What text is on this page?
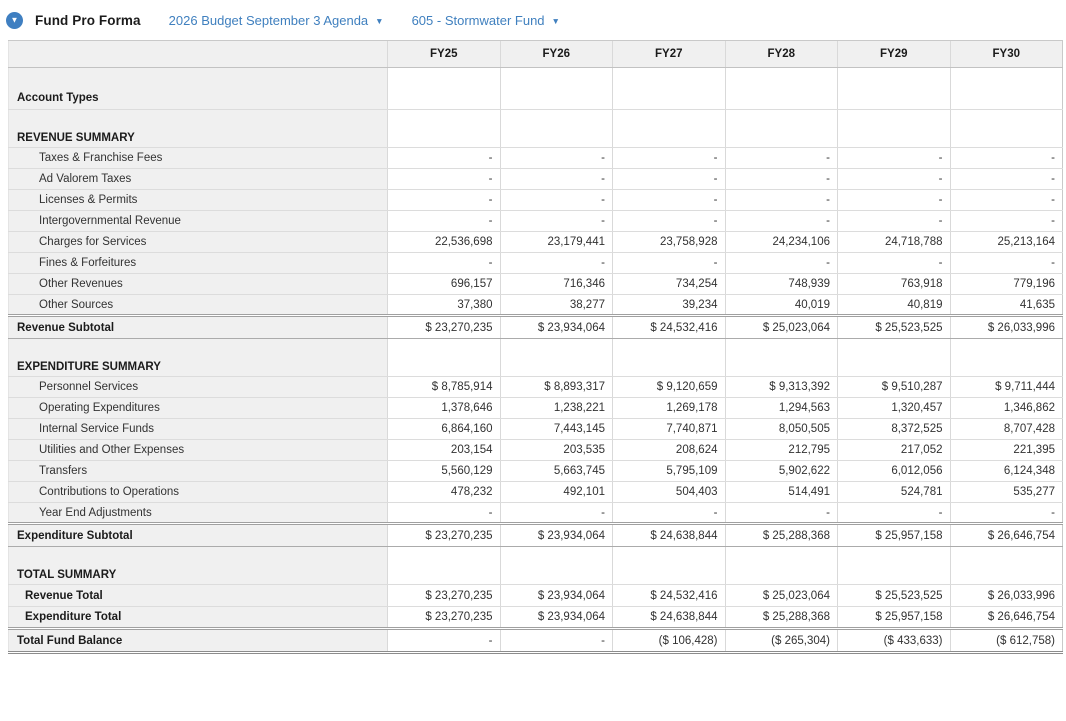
▼ Fund Pro Forma 2026 Budget September 3 Agenda ▼ 605 - Stormwater Fund ▼
	FY25	FY26	FY27	FY28	FY29	FY30
Account Types						
REVENUE SUMMARY						
Taxes & Franchise Fees	-	-	-	-	-	-
Ad Valorem Taxes	-	-	-	-	-	-
Licenses & Permits	-	-	-	-	-	-
Intergovernmental Revenue	-	-	-	-	-	-
Charges for Services	22,536,698	23,179,441	23,758,928	24,234,106	24,718,788	25,213,164
Fines & Forfeitures	-	-	-	-	-	-
Other Revenues	696,157	716,346	734,254	748,939	763,918	779,196
Other Sources	37,380	38,277	39,234	40,019	40,819	41,635
Revenue Subtotal	$ 23,270,235	$ 23,934,064	$ 24,532,416	$ 25,023,064	$ 25,523,525	$ 26,033,996
EXPENDITURE SUMMARY						
Personnel Services	$ 8,785,914	$ 8,893,317	$ 9,120,659	$ 9,313,392	$ 9,510,287	$ 9,711,444
Operating Expenditures	1,378,646	1,238,221	1,269,178	1,294,563	1,320,457	1,346,862
Internal Service Funds	6,864,160	7,443,145	7,740,871	8,050,505	8,372,525	8,707,428
Utilities and Other Expenses	203,154	203,535	208,624	212,795	217,052	221,395
Transfers	5,560,129	5,663,745	5,795,109	5,902,622	6,012,056	6,124,348
Contributions to Operations	478,232	492,101	504,403	514,491	524,781	535,277
Year End Adjustments	-	-	-	-	-	-
Expenditure Subtotal	$ 23,270,235	$ 23,934,064	$ 24,638,844	$ 25,288,368	$ 25,957,158	$ 26,646,754
TOTAL SUMMARY						
Revenue Total	$ 23,270,235	$ 23,934,064	$ 24,532,416	$ 25,023,064	$ 25,523,525	$ 26,033,996
Expenditure Total	$ 23,270,235	$ 23,934,064	$ 24,638,844	$ 25,288,368	$ 25,957,158	$ 26,646,754
Total Fund Balance	-	-	($ 106,428)	($ 265,304)	($ 433,633)	($ 612,758)
